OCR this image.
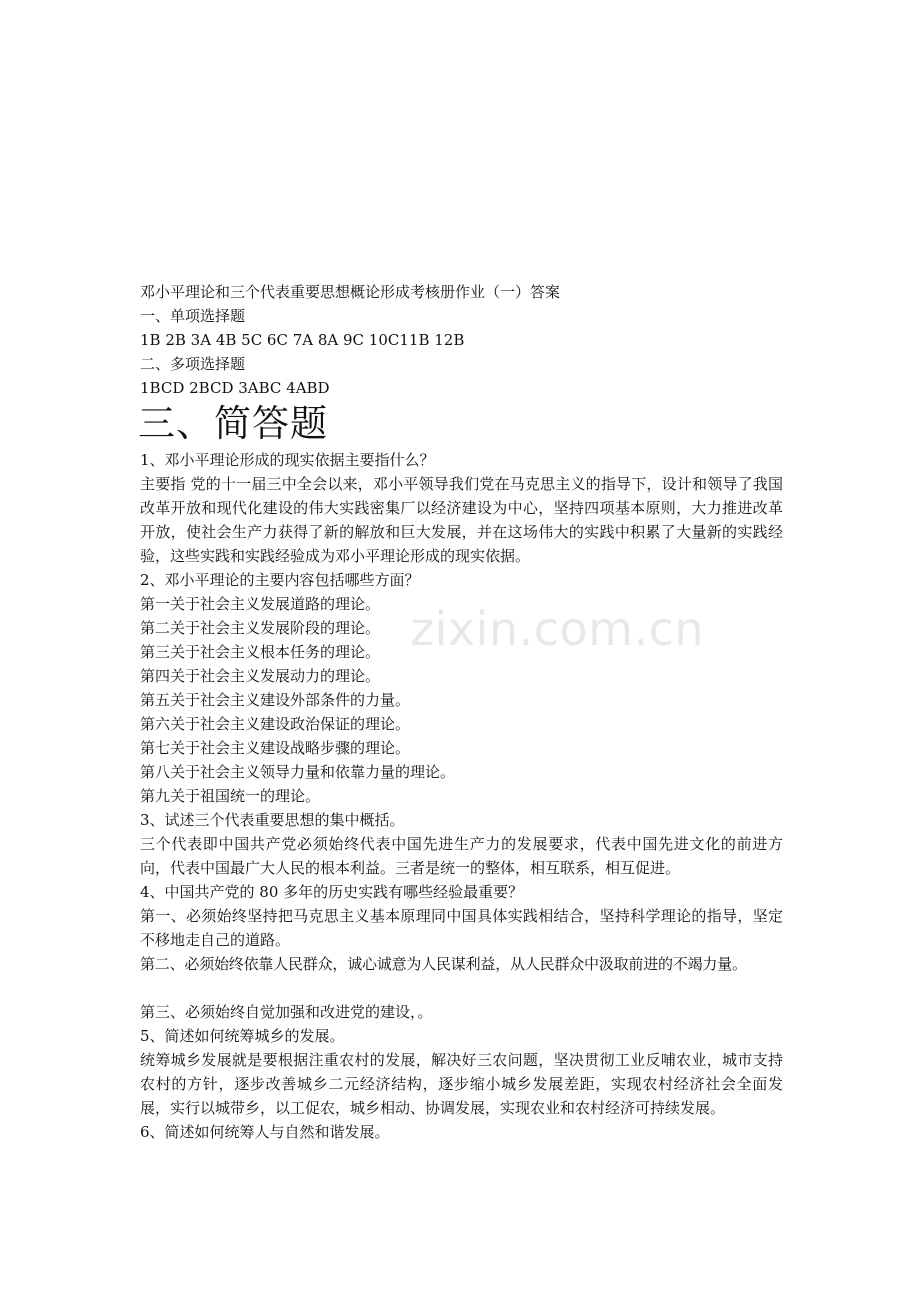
zixin.com.cn

邓小平理论和三个代表重要思想概论形成考核册作业（一）答案

一、单项选择题

1B 2B 3A 4B 5C 6C 7A 8A 9C 10C11B 12B

二、多项选择题

1BCD 2BCD 3ABC 4ABD

三、简答题

1、邓小平理论形成的现实依据主要指什么？

主要指 党的十一届三中全会以来，邓小平领导我们党在马克思主义的指导下，设计和领导了我国改革开放和现代化建设的伟大实践密集厂以经济建设为中心，坚持四项基本原则，大力推进改革开放，使社会生产力获得了新的解放和巨大发展，并在这场伟大的实践中积累了大量新的实践经验，这些实践和实践经验成为邓小平理论形成的现实依据。

2、邓小平理论的主要内容包括哪些方面？

第一关于社会主义发展道路的理论。

第二关于社会主义发展阶段的理论。

第三关于社会主义根本任务的理论。

第四关于社会主义发展动力的理论。

第五关于社会主义建设外部条件的力量。

第六关于社会主义建设政治保证的理论。

第七关于社会主义建设战略步骤的理论。

第八关于社会主义领导力量和依靠力量的理论。

第九关于祖国统一的理论。

3、试述三个代表重要思想的集中概括。

三个代表即中国共产党必须始终代表中国先进生产力的发展要求，代表中国先进文化的前进方向，代表中国最广大人民的根本利益。三者是统一的整体，相互联系，相互促进。

4、中国共产党的 80 多年的历史实践有哪些经验最重要？

第一、必须始终坚持把马克思主义基本原理同中国具体实践相结合，坚持科学理论的指导，坚定不移地走自己的道路。

第二、必须始终依靠人民群众，诚心诚意为人民谋利益，从人民群众中汲取前进的不竭力量。

第三、必须始终自觉加强和改进党的建设，。

5、简述如何统筹城乡的发展。

统筹城乡发展就是要根据注重农村的发展，解决好三农问题，坚决贯彻工业反哺农业，城市支持农村的方针，逐步改善城乡二元经济结构，逐步缩小城乡发展差距，实现农村经济社会全面发展，实行以城带乡，以工促农，城乡相动、协调发展，实现农业和农村经济可持续发展。

6、简述如何统筹人与自然和谐发展。
